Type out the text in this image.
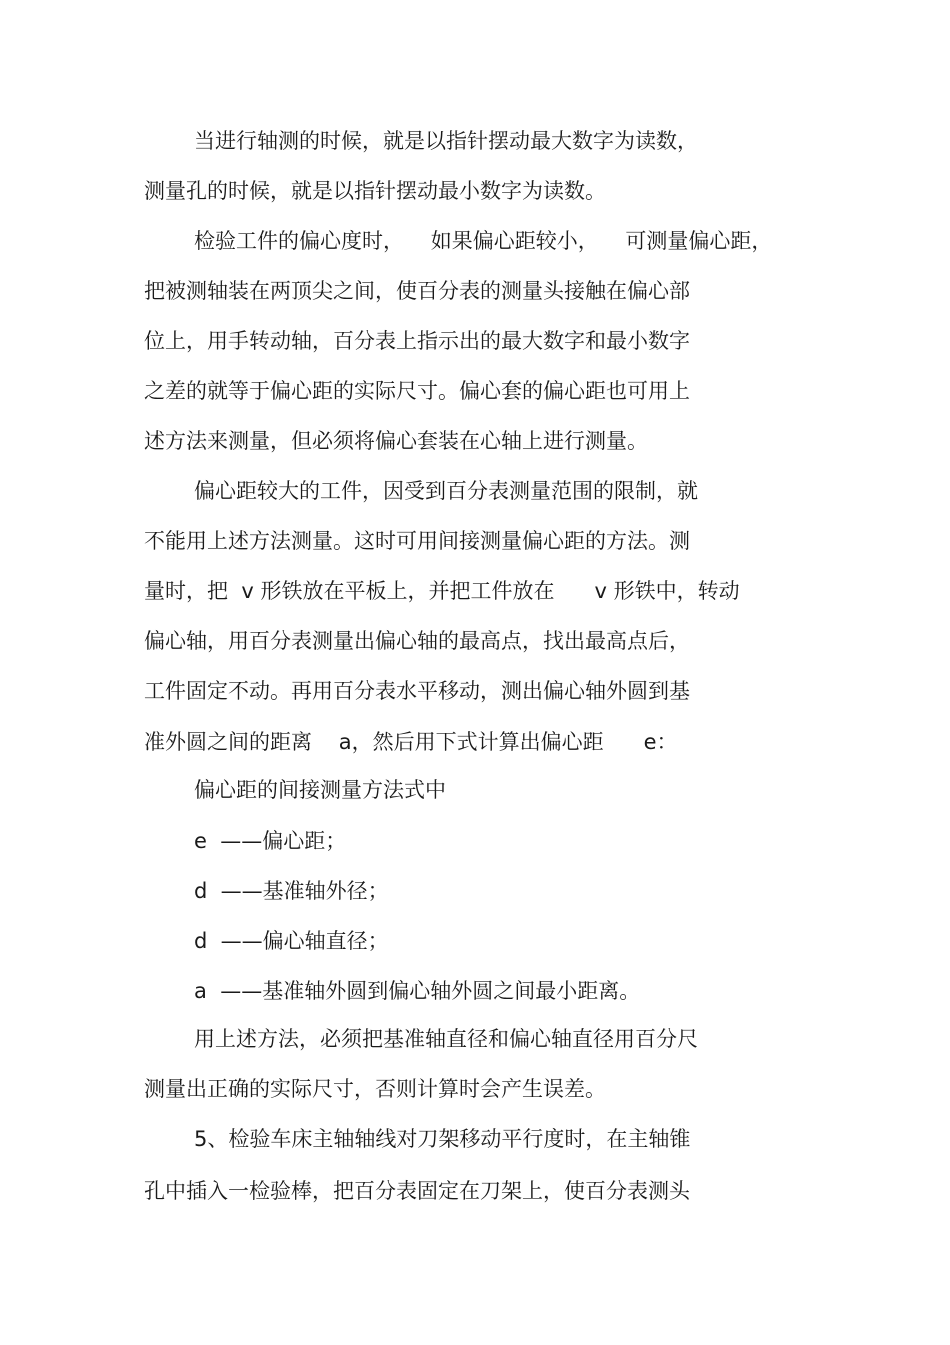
当进行轴测的时候，就是以指针摆动最大数字为读数，
测量孔的时候，就是以指针摆动最小数字为读数。
检验工件的偏心度时，    如果偏心距较小，    可测量偏心距，
把被测轴装在两顶尖之间，使百分表的测量头接触在偏心部
位上，用手转动轴，百分表上指示出的最大数字和最小数字
之差的就等于偏心距的实际尺寸。偏心套的偏心距也可用上
述方法来测量，但必须将偏心套装在心轴上进行测量。
偏心距较大的工件，因受到百分表测量范围的限制，就
不能用上述方法测量。这时可用间接测量偏心距的方法。测
量时，把  v 形铁放在平板上，并把工件放在      v 形铁中，转动
偏心轴，用百分表测量出偏心轴的最高点，找出最高点后，
工件固定不动。再用百分表水平移动，测出偏心轴外圆到基
准外圆之间的距离    a，然后用下式计算出偏心距      e：
偏心距的间接测量方法式中
e  ——偏心距；
d  ——基准轴外径；
d  ——偏心轴直径；
a  ——基准轴外圆到偏心轴外圆之间最小距离。
用上述方法，必须把基准轴直径和偏心轴直径用百分尺
测量出正确的实际尺寸，否则计算时会产生误差。
5、检验车床主轴轴线对刀架移动平行度时，在主轴锥
孔中插入一检验棒，把百分表固定在刀架上，使百分表测头
